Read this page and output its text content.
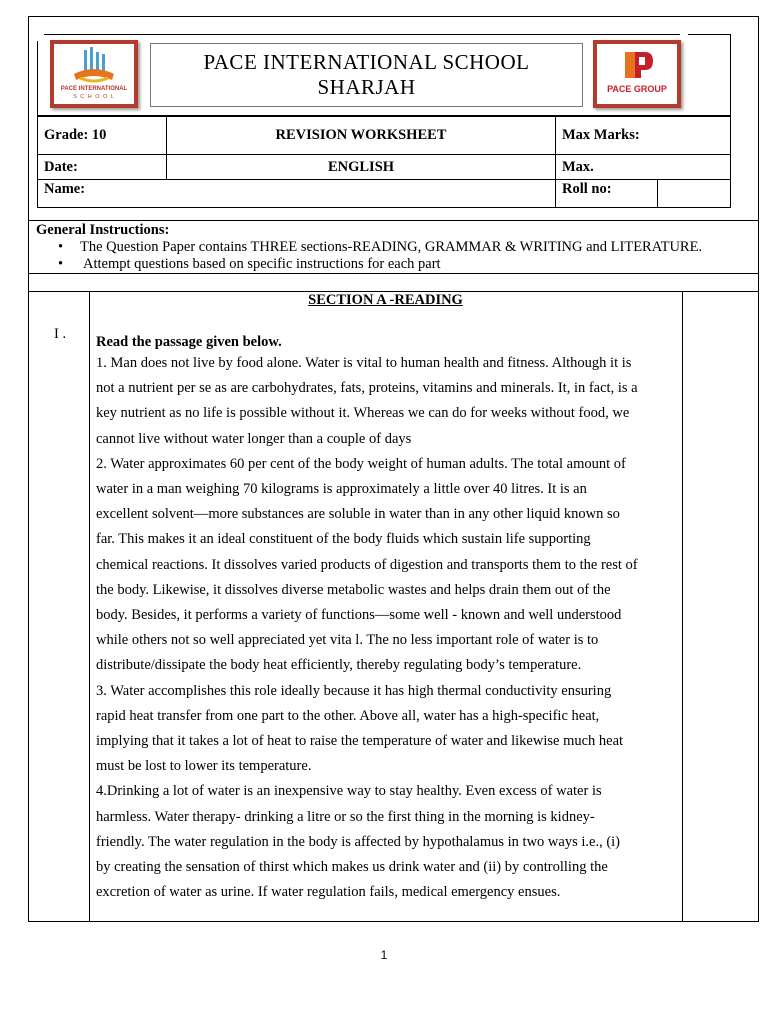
PACE INTERNATIONAL
S C H O O L
PACE INTERNATIONAL SCHOOL
SHARJAH	PACE GROUP
Grade: 10	REVISION WORKSHEET	Max Marks:
Date:	ENGLISH	Max.
Name:	Roll no:	
General Instructions:
• The Question Paper contains THREE sections-READING, GRAMMAR & WRITING and LITERATURE.
• Attempt questions based on specific instructions for each part
SECTION A -READING
I . Read the passage given below.

1. Man does not live by food alone. Water is vital to human health and fitness. Although it is

not a nutrient per se as are carbohydrates, fats, proteins, vitamins and minerals. It, in fact, is a

key nutrient as no life is possible without it. Whereas we can do for weeks without food, we

cannot live without water longer than a couple of days

2. Water approximates 60 per cent of the body weight of human adults. The total amount of

water in a man weighing 70 kilograms is approximately a little over 40 litres. It is an

excellent solvent—more substances are soluble in water than in any other liquid known so

far. This makes it an ideal constituent of the body fluids which sustain life supporting

chemical reactions. It dissolves varied products of digestion and transports them to the rest of

the body. Likewise, it dissolves diverse metabolic wastes and helps drain them out of the

body. Besides, it performs a variety of functions—some well - known and well understood

while others not so well appreciated yet vita l. The no less important role of water is to

distribute/dissipate the body heat efficiently, thereby regulating body’s temperature.

3. Water accomplishes this role ideally because it has high thermal conductivity ensuring

rapid heat transfer from one part to the other. Above all, water has a high-specific heat,

implying that it takes a lot of heat to raise the temperature of water and likewise much heat

must be lost to lower its temperature.

4.Drinking a lot of water is an inexpensive way to stay healthy. Even excess of water is

harmless. Water therapy- drinking a litre or so the first thing in the morning is kidney-

friendly. The water regulation in the body is affected by hypothalamus in two ways i.e., (i)

by creating the sensation of thirst which makes us drink water and (ii) by controlling the

excretion of water as urine. If water regulation fails, medical emergency ensues.

1
